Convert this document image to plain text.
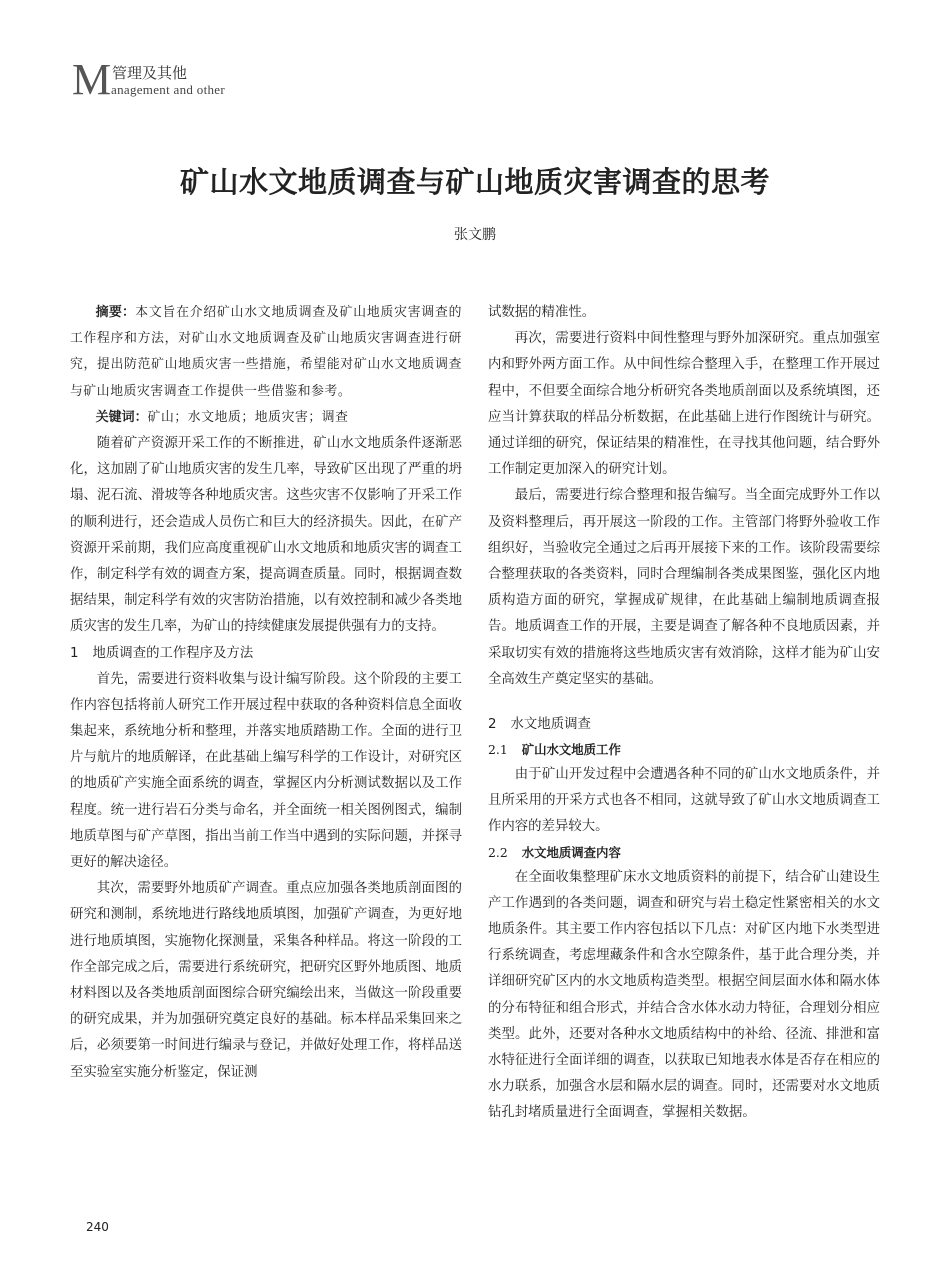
M 管理及其他
anagement and other
矿山水文地质调查与矿山地质灾害调查的思考
张文鹏

摘要：本文旨在介绍矿山水文地质调查及矿山地质灾害调查的工作程序和方法，对矿山水文地质调查及矿山地质灾害调查进行研究，提出防范矿山地质灾害一些措施，希望能对矿山水文地质调查与矿山地质灾害调查工作提供一些借鉴和参考。

关键词：矿山；水文地质；地质灾害；调查

随着矿产资源开采工作的不断推进，矿山水文地质条件逐渐恶化，这加剧了矿山地质灾害的发生几率，导致矿区出现了严重的坍塌、泥石流、滑坡等各种地质灾害。这些灾害不仅影响了开采工作的顺利进行，还会造成人员伤亡和巨大的经济损失。因此，在矿产资源开采前期，我们应高度重视矿山水文地质和地质灾害的调查工作，制定科学有效的调查方案，提高调查质量。同时，根据调查数据结果，制定科学有效的灾害防治措施，以有效控制和减少各类地质灾害的发生几率，为矿山的持续健康发展提供强有力的支持。

1 地质调查的工作程序及方法

首先，需要进行资料收集与设计编写阶段。这个阶段的主要工作内容包括将前人研究工作开展过程中获取的各种资料信息全面收集起来，系统地分析和整理，并落实地质踏勘工作。全面的进行卫片与航片的地质解译，在此基础上编写科学的工作设计，对研究区的地质矿产实施全面系统的调查，掌握区内分析测试数据以及工作程度。统一进行岩石分类与命名，并全面统一相关图例图式，编制地质草图与矿产草图，指出当前工作当中遇到的实际问题，并探寻更好的解决途径。

其次，需要野外地质矿产调查。重点应加强各类地质剖面图的研究和测制，系统地进行路线地质填图，加强矿产调查，为更好地进行地质填图，实施物化探测量，采集各种样品。将这一阶段的工作全部完成之后，需要进行系统研究，把研究区野外地质图、地质材料图以及各类地质剖面图综合研究编绘出来，当做这一阶段重要的研究成果，并为加强研究奠定良好的基础。标本样品采集回来之后，必须要第一时间进行编录与登记，并做好处理工作，将样品送至实验室实施分析鉴定，保证测

试数据的精准性。

再次，需要进行资料中间性整理与野外加深研究。重点加强室内和野外两方面工作。从中间性综合整理入手，在整理工作开展过程中，不但要全面综合地分析研究各类地质剖面以及系统填图，还应当计算获取的样品分析数据，在此基础上进行作图统计与研究。通过详细的研究，保证结果的精准性，在寻找其他问题，结合野外工作制定更加深入的研究计划。

最后，需要进行综合整理和报告编写。当全面完成野外工作以及资料整理后，再开展这一阶段的工作。主管部门将野外验收工作组织好，当验收完全通过之后再开展接下来的工作。该阶段需要综合整理获取的各类资料，同时合理编制各类成果图鉴，强化区内地质构造方面的研究，掌握成矿规律，在此基础上编制地质调查报告。地质调查工作的开展，主要是调查了解各种不良地质因素，并采取切实有效的措施将这些地质灾害有效消除，这样才能为矿山安全高效生产奠定坚实的基础。

2 水文地质调查

2.1 矿山水文地质工作

由于矿山开发过程中会遭遇各种不同的矿山水文地质条件，并且所采用的开采方式也各不相同，这就导致了矿山水文地质调查工作内容的差异较大。

2.2 水文地质调查内容

在全面收集整理矿床水文地质资料的前提下，结合矿山建设生产工作遇到的各类问题，调查和研究与岩土稳定性紧密相关的水文地质条件。其主要工作内容包括以下几点：对矿区内地下水类型进行系统调查，考虑埋藏条件和含水空隙条件，基于此合理分类，并详细研究矿区内的水文地质构造类型。根据空间层面水体和隔水体的分布特征和组合形式，并结合含水体水动力特征，合理划分相应类型。此外，还要对各种水文地质结构中的补给、径流、排泄和富水特征进行全面详细的调查，以获取已知地表水体是否存在相应的水力联系，加强含水层和隔水层的调查。同时，还需要对水文地质钻孔封堵质量进行全面调查，掌握相关数据。

240
